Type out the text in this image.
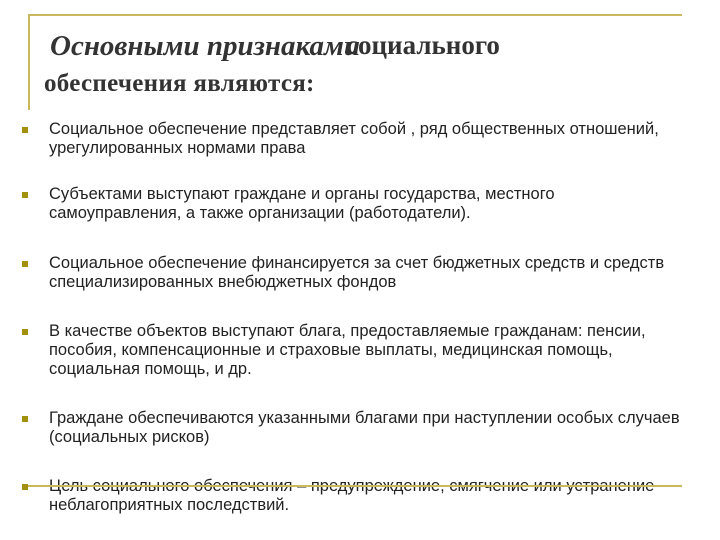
Основными признаками
социального
обеспечения являются:
Социальное обеспечение представляет собой , ряд общественных отношений, урегулированных нормами права
Субъектами выступают граждане и органы государства, местного самоуправления, а также организации (работодатели).
Социальное обеспечение финансируется за счет бюджетных средств и средств специализированных внебюджетных фондов
В качестве объектов выступают блага, предоставляемые гражданам: пенсии, пособия, компенсационные и страховые выплаты, медицинская помощь, социальная помощь, и др.
Граждане обеспечиваются указанными благами при наступлении особых случаев (социальных рисков)
Цель социального обеспечения – предупреждение, смягчение или устранение неблагоприятных последствий.
